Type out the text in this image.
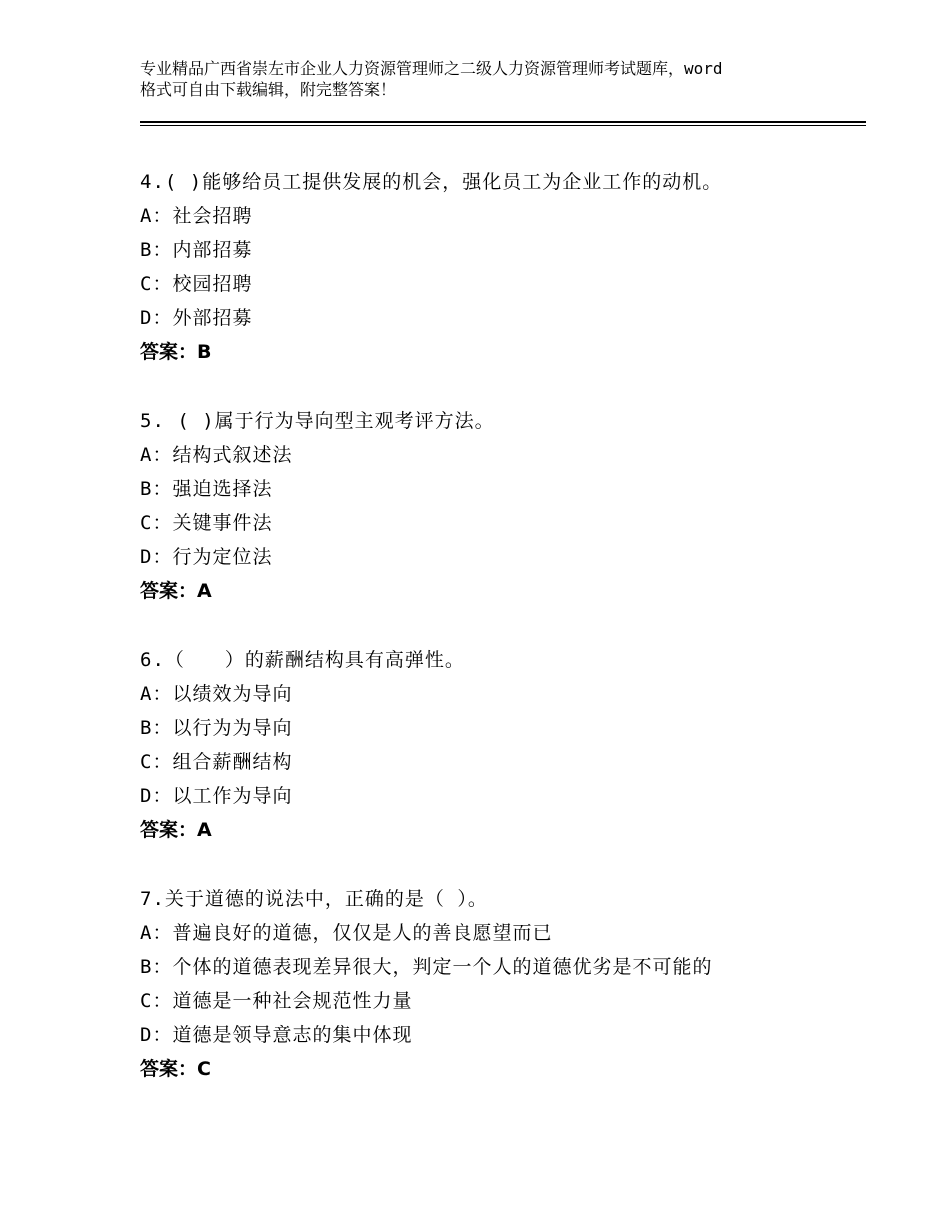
专业精品广西省崇左市企业人力资源管理师之二级人力资源管理师考试题库，word
格式可自由下载编辑，附完整答案！
4.( )能够给员工提供发展的机会，强化员工为企业工作的动机。
A：社会招聘
B：内部招募
C：校园招聘
D：外部招募
答案：B
5. ( )属于行为导向型主观考评方法。
A：结构式叙述法
B：强迫选择法
C：关键事件法
D：行为定位法
答案：A
6.（　　）的薪酬结构具有高弹性。
A：以绩效为导向
B：以行为为导向
C：组合薪酬结构
D：以工作为导向
答案：A
7.关于道德的说法中，正确的是（ ）。
A：普遍良好的道德，仅仅是人的善良愿望而已
B：个体的道德表现差异很大，判定一个人的道德优劣是不可能的
C：道德是一种社会规范性力量
D：道德是领导意志的集中体现
答案：C
